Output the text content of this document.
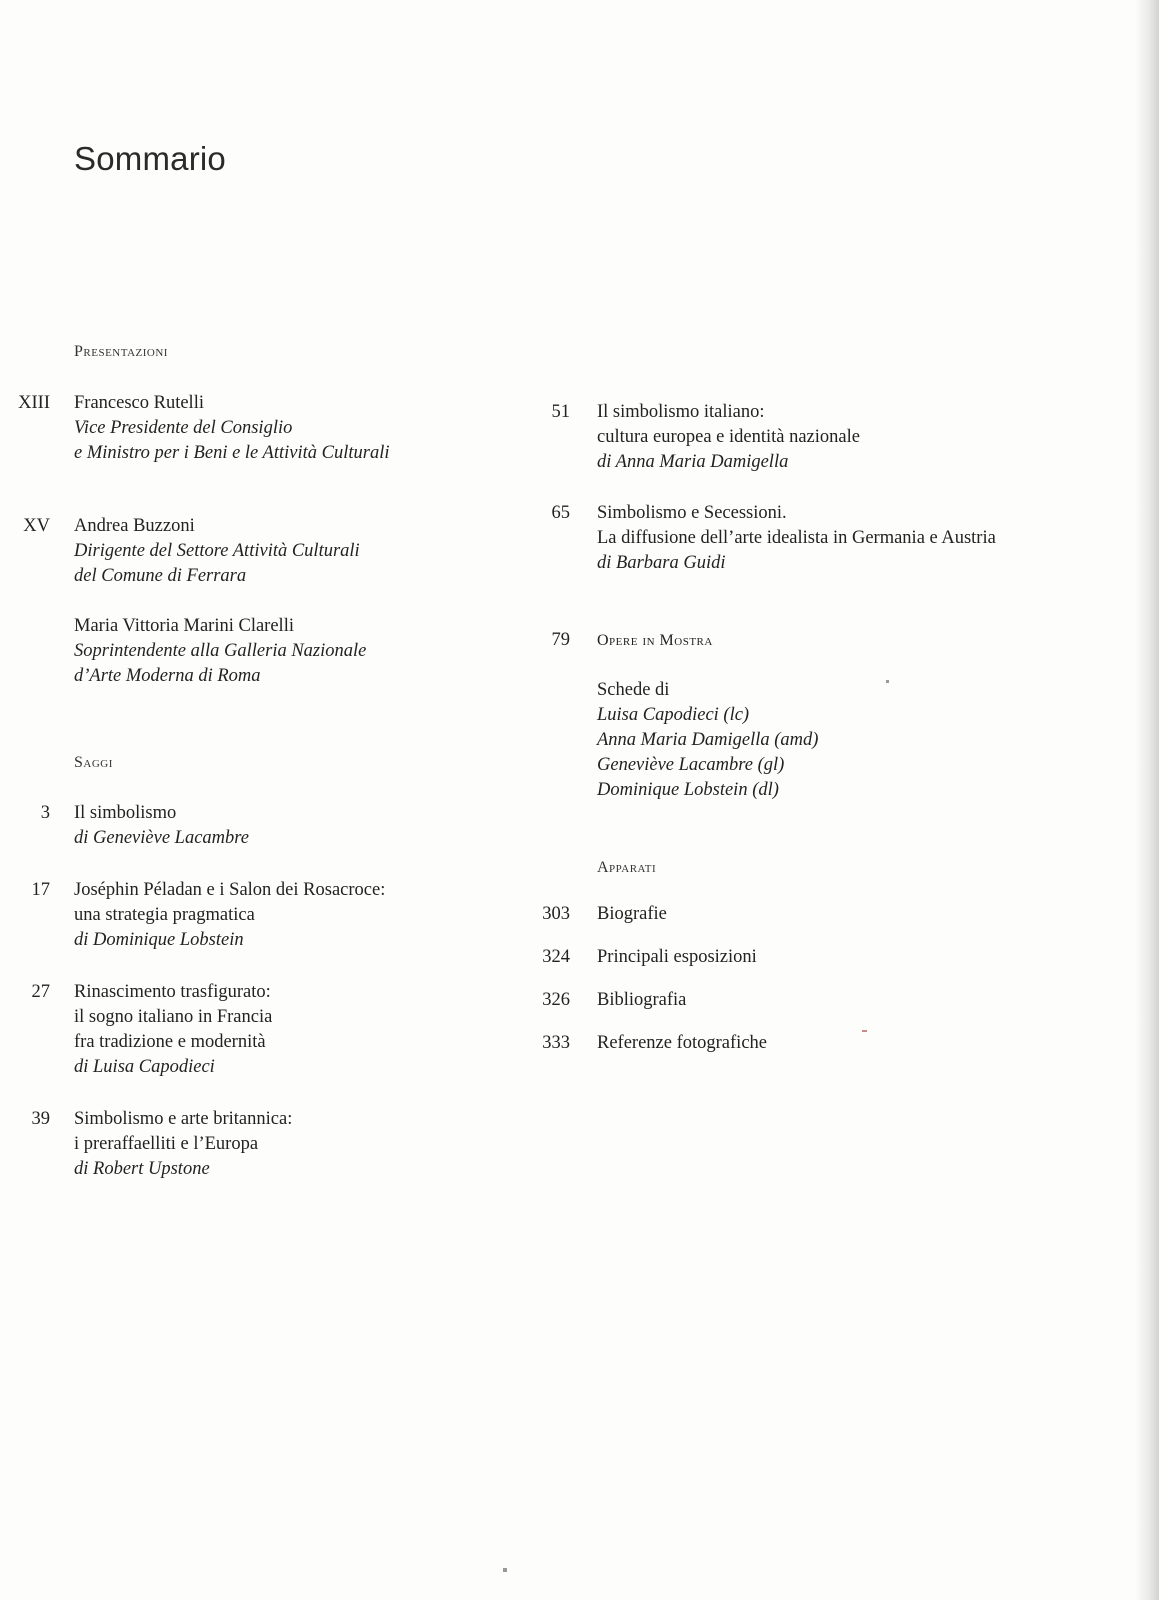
Sommario
Presentazioni
XIII Francesco Rutelli
Vice Presidente del Consiglio
e Ministro per i Beni e le Attività Culturali
XV Andrea Buzzoni
Dirigente del Settore Attività Culturali
del Comune di Ferrara
Maria Vittoria Marini Clarelli
Soprintendente alla Galleria Nazionale
d’Arte Moderna di Roma
Saggi
3 Il simbolismo
di Geneviève Lacambre
17 Joséphin Péladan e i Salon dei Rosacroce:
una strategia pragmatica
di Dominique Lobstein
27 Rinascimento trasfigurato:
il sogno italiano in Francia
fra tradizione e modernità
di Luisa Capodieci
39 Simbolismo e arte britannica:
i preraffaelliti e l’Europa
di Robert Upstone
51 Il simbolismo italiano:
cultura europea e identità nazionale
di Anna Maria Damigella
65 Simbolismo e Secessioni.
La diffusione dell’arte idealista in Germania e Austria
di Barbara Guidi
79 Opere in Mostra
Schede di
Luisa Capodieci (lc)
Anna Maria Damigella (amd)
Geneviève Lacambre (gl)
Dominique Lobstein (dl)
Apparati
303 Biografie
324 Principali esposizioni
326 Bibliografia
333 Referenze fotografiche
